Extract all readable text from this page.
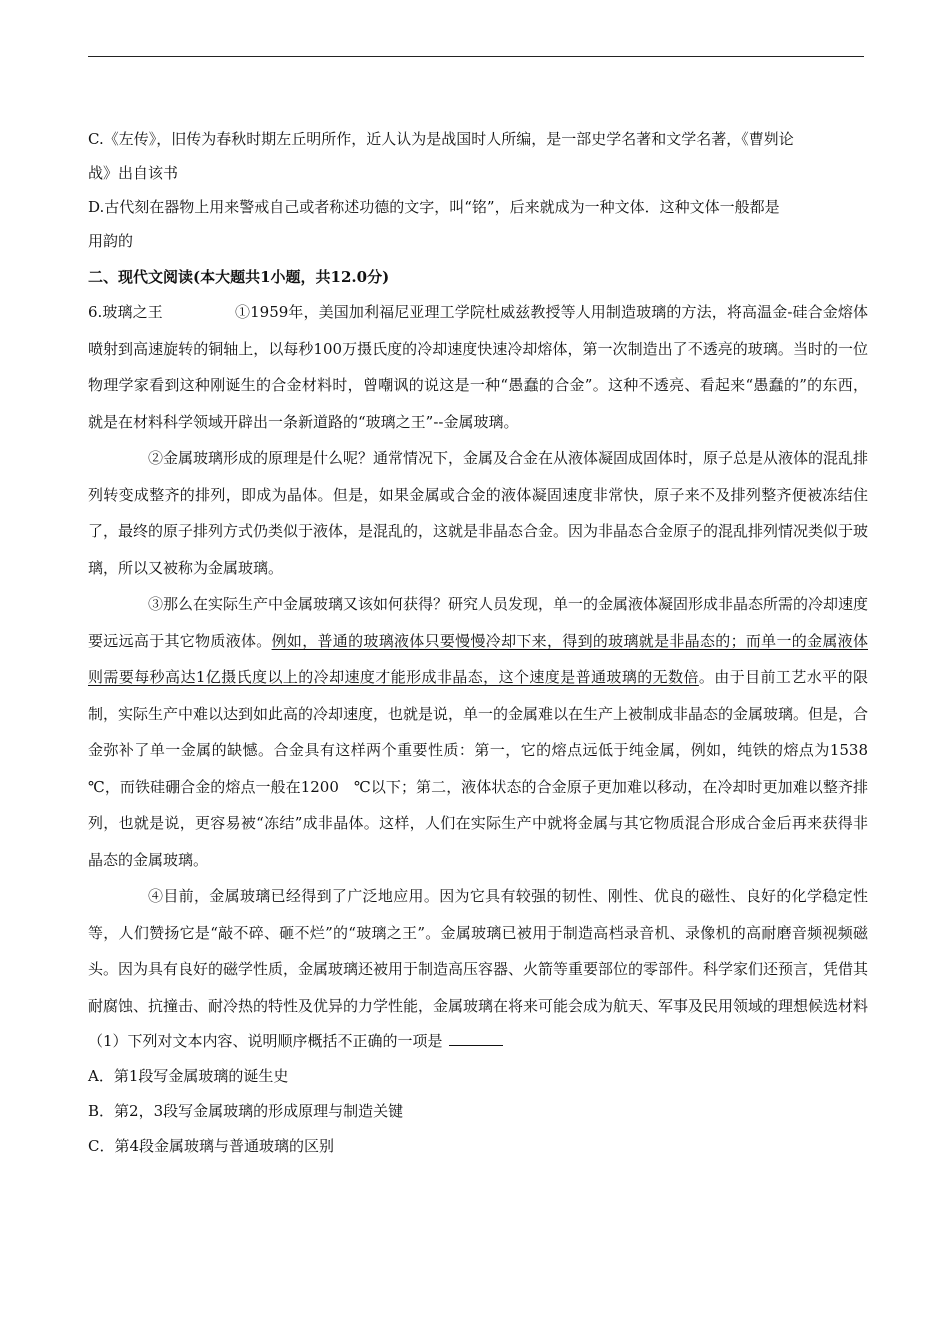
C.《左传》，旧传为春秋时期左丘明所作，近人认为是战国时人所编，是一部史学名著和文学名著，《曹刿论

战》出自该书

D.古代刻在器物上用来警戒自己或者称述功德的文字，叫“铭”，后来就成为一种文体．这种文体一般都是

用韵的

二、现代文阅读(本大题共1小题，共12.0分)

6.玻璃之王	①1959年，美国加利福尼亚理工学院杜威兹教授等人用制造玻璃的方法，将高温金-硅合金熔体喷射到高速旋转的铜轴上，以每秒100万摄氏度的冷却速度快速冷却熔体，第一次制造出了不透亮的玻璃。当时的一位物理学家看到这种刚诞生的合金材料时，曾嘲讽的说这是一种“愚蠢的合金”。这种不透亮、看起来“愚蠢的”的东西，就是在材料科学领域开辟出一条新道路的“玻璃之王”--金属玻璃。

②金属玻璃形成的原理是什么呢？通常情况下，金属及合金在从液体凝固成固体时，原子总是从液体的混乱排列转变成整齐的排列，即成为晶体。但是，如果金属或合金的液体凝固速度非常快，原子来不及排列整齐便被冻结住了，最终的原子排列方式仍类似于液体，是混乱的，这就是非晶态合金。因为非晶态合金原子的混乱排列情况类似于玻璃，所以又被称为金属玻璃。

③那么在实际生产中金属玻璃又该如何获得？研究人员发现，单一的金属液体凝固形成非晶态所需的冷却速度要远远高于其它物质液体。例如，普通的玻璃液体只要慢慢冷却下来，得到的玻璃就是非晶态的；而单一的金属液体则需要每秒高达1亿摄氏度以上的冷却速度才能形成非晶态，这个速度是普通玻璃的无数倍。由于目前工艺水平的限制，实际生产中难以达到如此高的冷却速度，也就是说，单一的金属难以在生产上被制成非晶态的金属玻璃。但是，合金弥补了单一金属的缺憾。合金具有这样两个重要性质：第一，它的熔点远低于纯金属，例如，纯铁的熔点为1538　℃，而铁硅硼合金的熔点一般在1200　℃以下；第二，液体状态的合金原子更加难以移动，在冷却时更加难以整齐排列，也就是说，更容易被“冻结”成非晶体。这样，人们在实际生产中就将金属与其它物质混合形成合金后再来获得非晶态的金属玻璃。

④目前，金属玻璃已经得到了广泛地应用。因为它具有较强的韧性、刚性、优良的磁性、良好的化学稳定性等，人们赞扬它是“敲不碎、砸不烂”的“玻璃之王”。金属玻璃已被用于制造高档录音机、录像机的高耐磨音频视频磁头。因为具有良好的磁学性质，金属玻璃还被用于制造高压容器、火箭等重要部位的零部件。科学家们还预言，凭借其耐腐蚀、抗撞击、耐冷热的特性及优异的力学性能，金属玻璃在将来可能会成为航天、军事及民用领域的理想候选材料

（1）下列对文本内容、说明顺序概括不正确的一项是

A．第1段写金属玻璃的诞生史

B．第2，3段写金属玻璃的形成原理与制造关键

C．第4段金属玻璃与普通玻璃的区别
